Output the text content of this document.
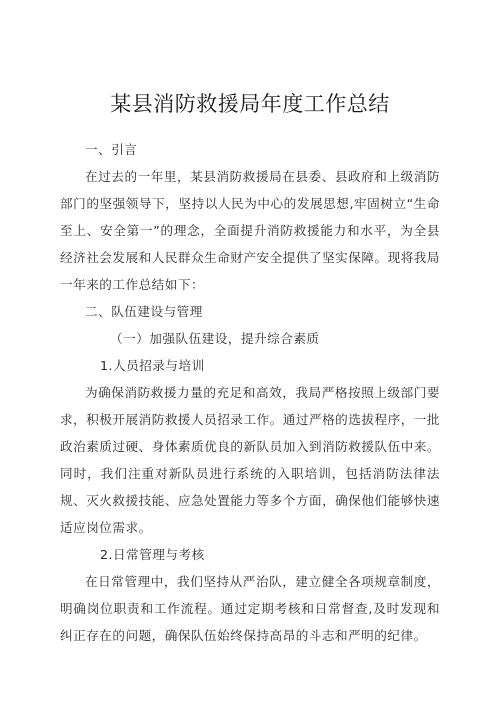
某县消防救援局年度工作总结

一、引言

在过去的一年里，某县消防救援局在县委、县政府和上级消防部门的坚强领导下，坚持以人民为中心的发展思想,牢固树立“生命至上、安全第一”的理念，全面提升消防救援能力和水平，为全县经济社会发展和人民群众生命财产安全提供了坚实保障。现将我局一年来的工作总结如下：

二、队伍建设与管理

（一）加强队伍建设，提升综合素质

1.人员招录与培训

为确保消防救援力量的充足和高效，我局严格按照上级部门要求，积极开展消防救援人员招录工作。通过严格的选拔程序，一批政治素质过硬、身体素质优良的新队员加入到消防救援队伍中来。同时，我们注重对新队员进行系统的入职培训，包括消防法律法规、灭火救援技能、应急处置能力等多个方面，确保他们能够快速适应岗位需求。

2.日常管理与考核

在日常管理中，我们坚持从严治队，建立健全各项规章制度，明确岗位职责和工作流程。通过定期考核和日常督查,及时发现和纠正存在的问题，确保队伍始终保持高昂的斗志和严明的纪律。
